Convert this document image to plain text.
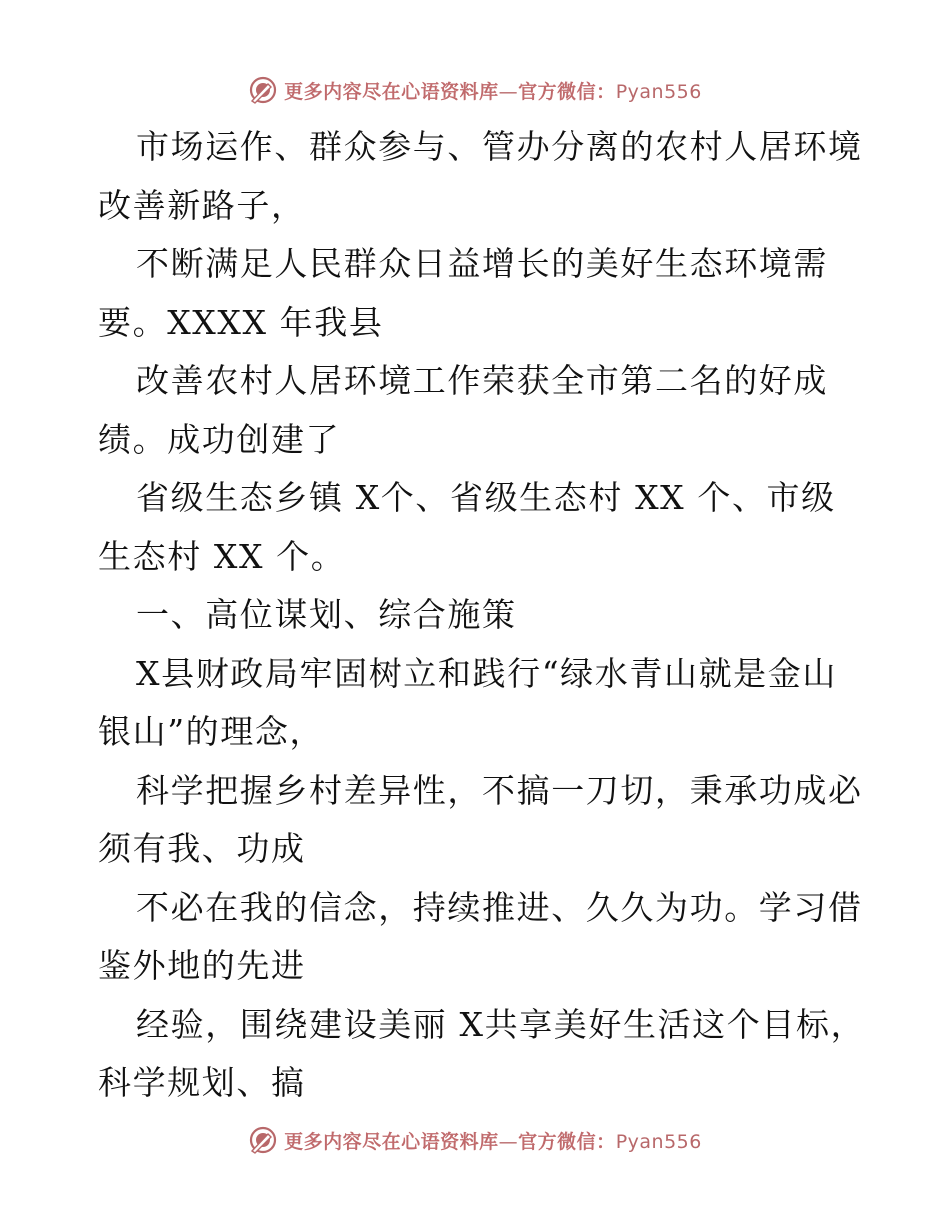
更多内容尽在心语资料库—官方微信：Pyan556

市场运作、群众参与、管办分离的农村人居环境改善新路子，

不断满足人民群众日益增长的美好生态环境需要。XXXX 年我县

改善农村人居环境工作荣获全市第二名的好成绩。成功创建了

省级生态乡镇 X个、省级生态村 XX 个、市级生态村 XX 个。

一、高位谋划、综合施策

X县财政局牢固树立和践行“绿水青山就是金山银山”的理念，

科学把握乡村差异性，不搞一刀切，秉承功成必须有我、功成

不必在我的信念，持续推进、久久为功。学习借鉴外地的先进

经验，围绕建设美丽 X共享美好生活这个目标，科学规划、搞

更多内容尽在心语资料库—官方微信：Pyan556
